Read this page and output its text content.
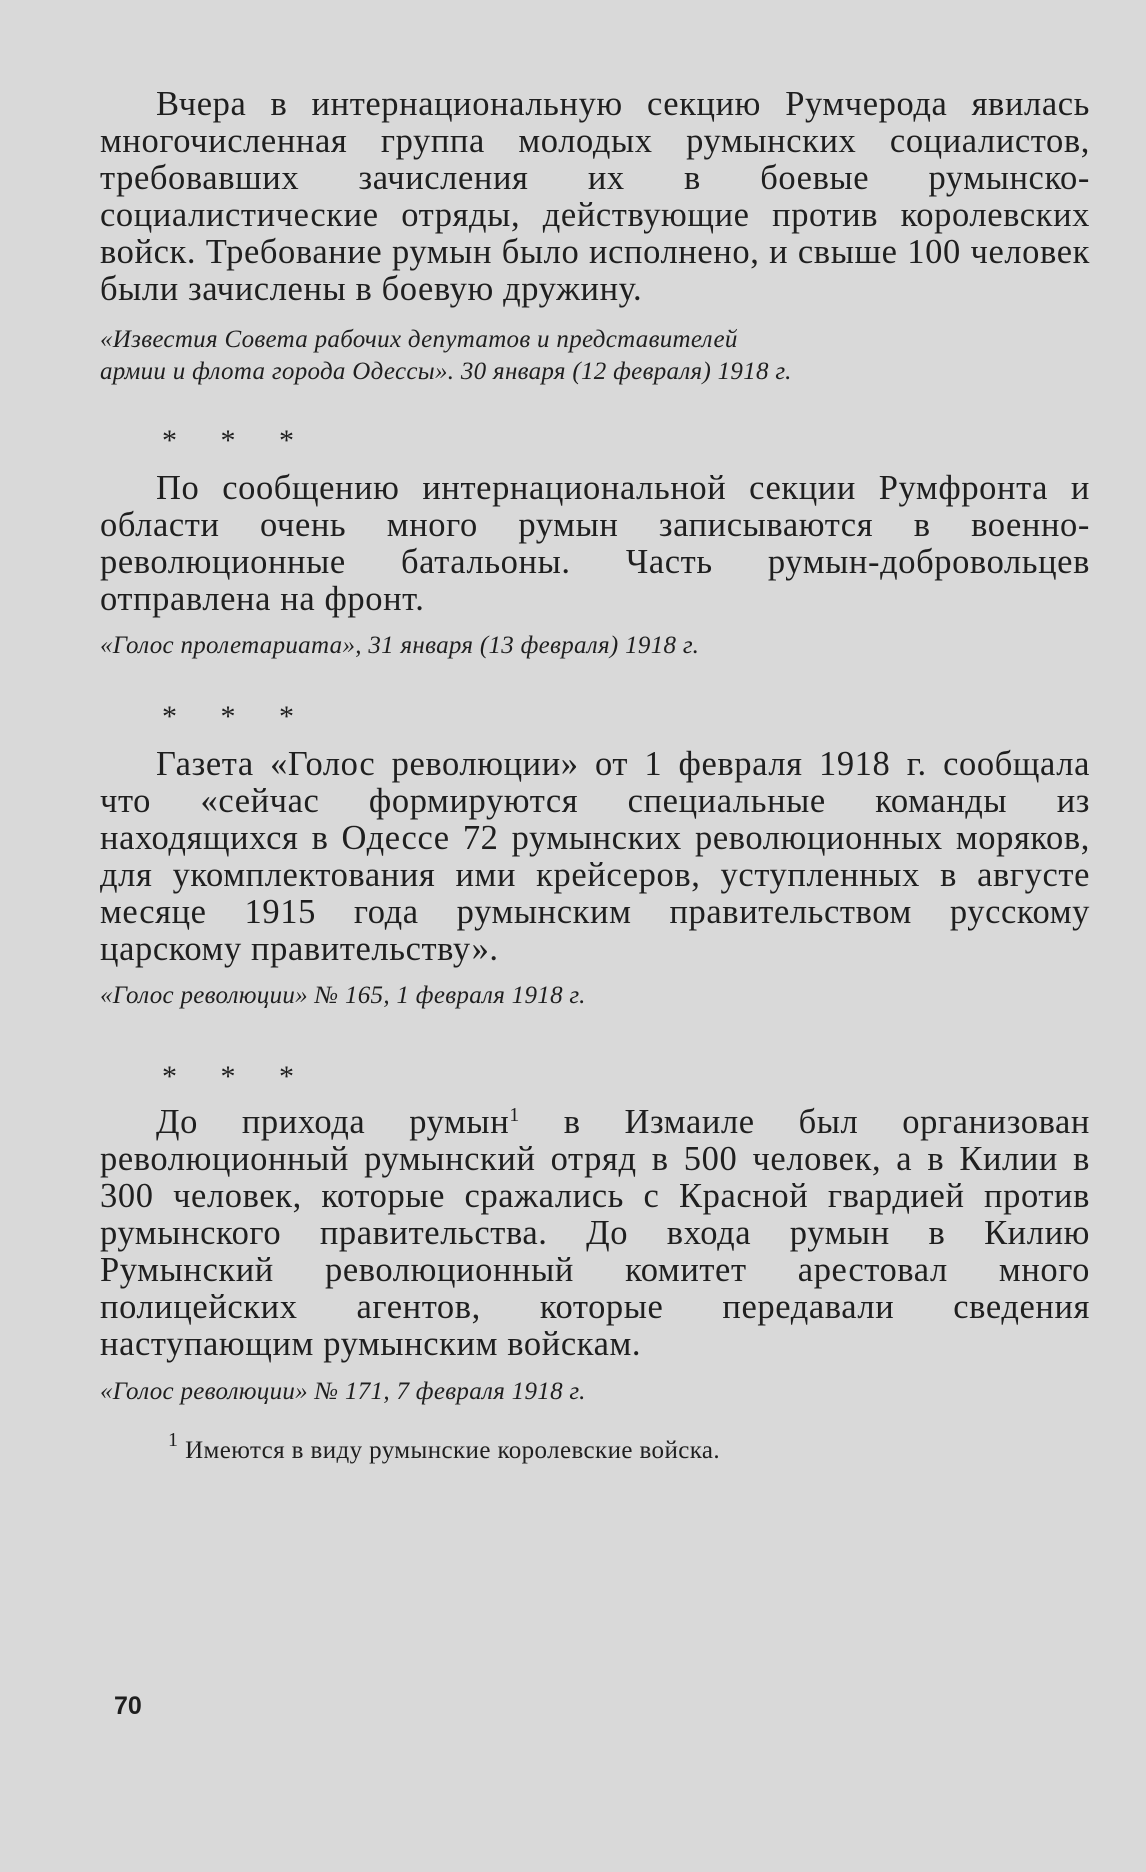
Вчера в интернациональную секцию Румчерода явилась многочисленная группа молодых румынских социалистов, требовавших зачисления их в боевые румынско-социалистические отряды, действующие против королевских войск. Требование румын было исполнено, и свыше 100 человек были зачислены в боевую дружину.

«Известия Совета рабочих депутатов и представителей

армии и флота города Одессы». 30 января (12 февраля) 1918 г.

* * *

По сообщению интернациональной секции Румфронта и области очень много румын записываются в военно-революционные батальоны. Часть румын-добровольцев отправлена на фронт.

«Голос пролетариата», 31 января (13 февраля) 1918 г.

* * *

Газета «Голос революции» от 1 февраля 1918 г. сообщала что «сейчас формируются специальные команды из находящихся в Одессе 72 румынских революционных моряков, для укомплектования ими крейсеров, уступленных в августе месяце 1915 года румынским правительством русскому царскому правительству».

«Голос революции» № 165, 1 февраля 1918 г.

* * *

До прихода румын$^1$ в Измаиле был организован революционный румынский отряд в 500 человек, а в Килии в 300 человек, которые сражались с Красной гвардией против румынского правительства. До входа румын в Килию Румынский революционный комитет арестовал много полицейских агентов, которые передавали сведения наступающим румынским войскам.

«Голос революции» № 171, 7 февраля 1918 г.

$^1$ Имеются в виду румынские королевские войска.

70
